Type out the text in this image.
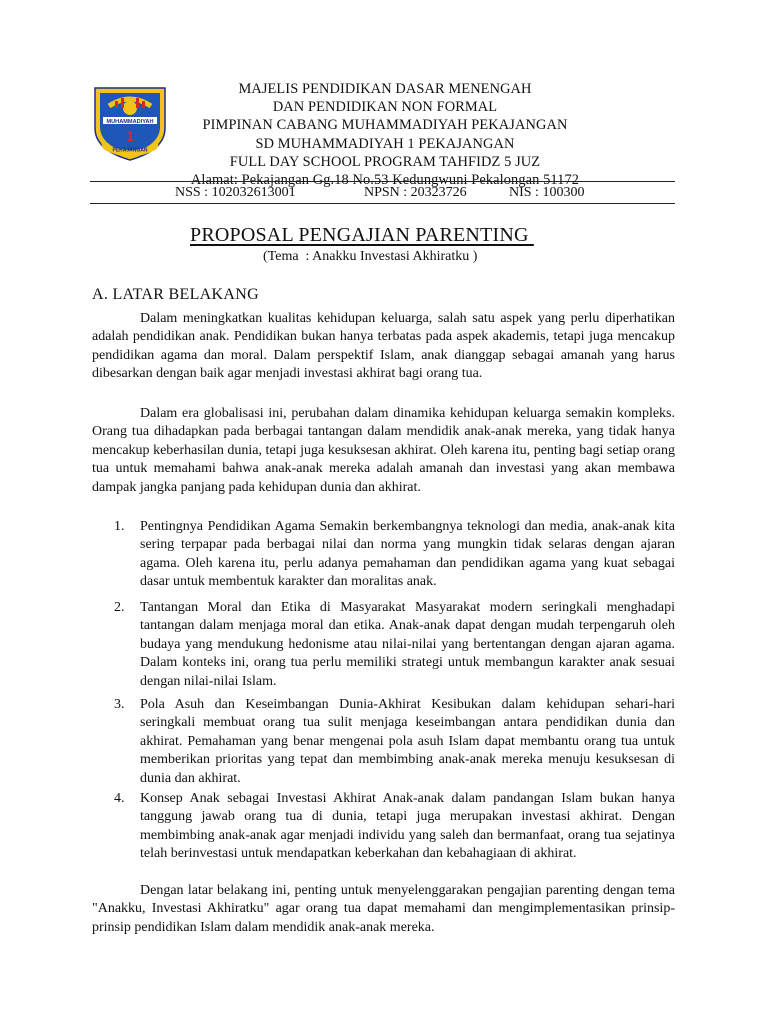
MUHAMMADIYAH
1
PEKAJANGAN
MAJELIS PENDIDIKAN DASAR MENENGAH
DAN PENDIDIKAN NON FORMAL
PIMPINAN CABANG MUHAMMADIYAH PEKAJANGAN
SD MUHAMMADIYAH 1 PEKAJANGAN
FULL DAY SCHOOL PROGRAM TAHFIDZ 5 JUZ
Alamat: Pekajangan Gg.18 No.53 Kedungwuni Pekalongan 51172
NSS : 102032613001	NPSN : 20323726	NIS : 100300
PROPOSAL PENGAJIAN PARENTING
(Tema  : Anakku Investasi Akhiratku )
A. LATAR BELAKANG

Dalam meningkatkan kualitas kehidupan keluarga, salah satu aspek yang perlu diperhatikan adalah pendidikan anak. Pendidikan bukan hanya terbatas pada aspek akademis, tetapi juga mencakup pendidikan agama dan moral. Dalam perspektif Islam, anak dianggap sebagai amanah yang harus dibesarkan dengan baik agar menjadi investasi akhirat bagi orang tua.

Dalam era globalisasi ini, perubahan dalam dinamika kehidupan keluarga semakin kompleks. Orang tua dihadapkan pada berbagai tantangan dalam mendidik anak-anak mereka, yang tidak hanya mencakup keberhasilan dunia, tetapi juga kesuksesan akhirat. Oleh karena itu, penting bagi setiap orang tua untuk memahami bahwa anak-anak mereka adalah amanah dan investasi yang akan membawa dampak jangka panjang pada kehidupan dunia dan akhirat.

1. Pentingnya Pendidikan Agama Semakin berkembangnya teknologi dan media, anak-anak kita sering terpapar pada berbagai nilai dan norma yang mungkin tidak selaras dengan ajaran agama. Oleh karena itu, perlu adanya pemahaman dan pendidikan agama yang kuat sebagai dasar untuk membentuk karakter dan moralitas anak.
2. Tantangan Moral dan Etika di Masyarakat Masyarakat modern seringkali menghadapi tantangan dalam menjaga moral dan etika. Anak-anak dapat dengan mudah terpengaruh oleh budaya yang mendukung hedonisme atau nilai-nilai yang bertentangan dengan ajaran agama. Dalam konteks ini, orang tua perlu memiliki strategi untuk membangun karakter anak sesuai dengan nilai-nilai Islam.
3. Pola Asuh dan Keseimbangan Dunia-Akhirat Kesibukan dalam kehidupan sehari-hari seringkali membuat orang tua sulit menjaga keseimbangan antara pendidikan dunia dan akhirat. Pemahaman yang benar mengenai pola asuh Islam dapat membantu orang tua untuk memberikan prioritas yang tepat dan membimbing anak-anak mereka menuju kesuksesan di dunia dan akhirat.
4. Konsep Anak sebagai Investasi Akhirat Anak-anak dalam pandangan Islam bukan hanya tanggung jawab orang tua di dunia, tetapi juga merupakan investasi akhirat. Dengan membimbing anak-anak agar menjadi individu yang saleh dan bermanfaat, orang tua sejatinya telah berinvestasi untuk mendapatkan keberkahan dan kebahagiaan di akhirat.

Dengan latar belakang ini, penting untuk menyelenggarakan pengajian parenting dengan tema "Anakku, Investasi Akhiratku" agar orang tua dapat memahami dan mengimplementasikan prinsip-prinsip pendidikan Islam dalam mendidik anak-anak mereka.
